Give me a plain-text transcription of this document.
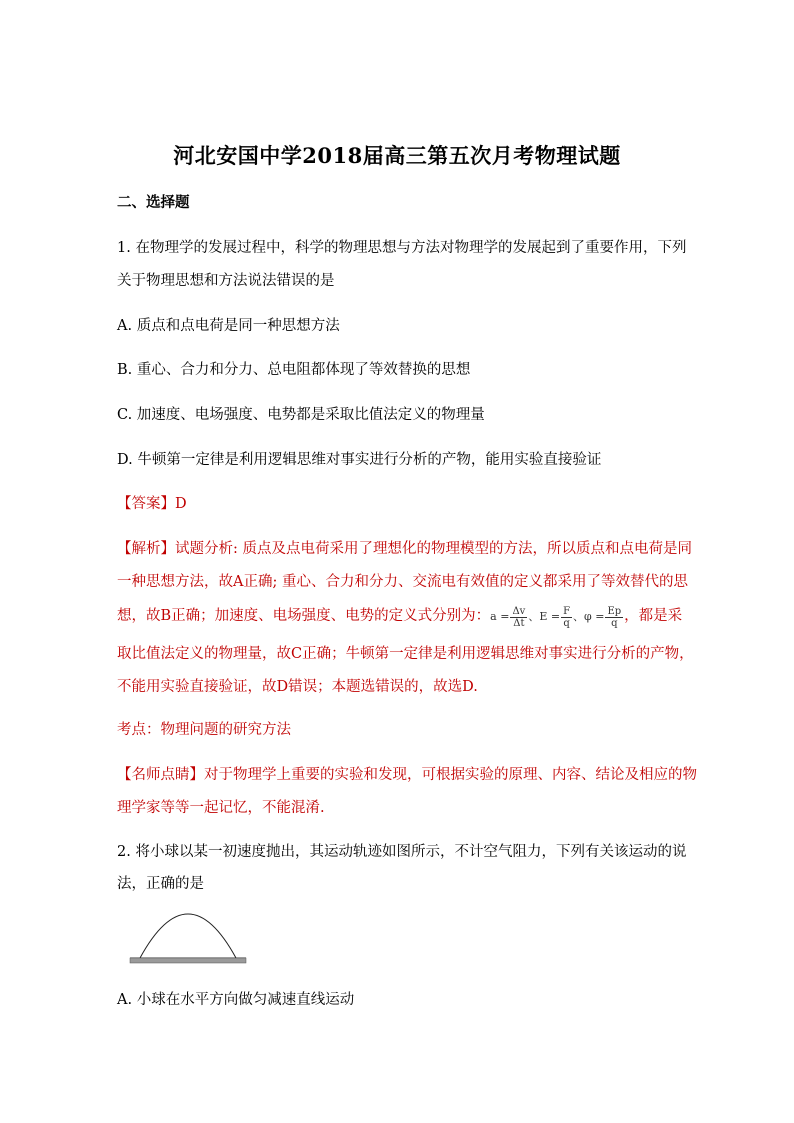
河北安国中学2018届高三第五次月考物理试题
二、选择题
1. 在物理学的发展过程中，科学的物理思想与方法对物理学的发展起到了重要作用，下列
关于物理思想和方法说法错误的是
A. 质点和点电荷是同一种思想方法
B. 重心、合力和分力、总电阻都体现了等效替换的思想
C. 加速度、电场强度、电势都是采取比值法定义的物理量
D. 牛顿第一定律是利用逻辑思维对事实进行分析的产物，能用实验直接验证
【答案】D
【解析】试题分析: 质点及点电荷采用了理想化的物理模型的方法，所以质点和点电荷是同
一种思想方法，故A正确; 重心、合力和分力、交流电有效值的定义都采用了等效替代的思
想，故B正确；加速度、电场强度、电势的定义式分别为：$a = \frac{\Delta v}{\Delta t}$ 、$E = \frac{F}{q}$ 、$\varphi = \frac{Ep}{q}$ ，都是采
取比值法定义的物理量，故C正确；牛顿第一定律是利用逻辑思维对事实进行分析的产物，
不能用实验直接验证，故D错误；本题选错误的，故选D.
考点：物理问题的研究方法
【名师点睛】对于物理学上重要的实验和发现，可根据实验的原理、内容、结论及相应的物
理学家等等一起记忆，不能混淆.
2. 将小球以某一初速度抛出，其运动轨迹如图所示，不计空气阻力，下列有关该运动的说
法，正确的是
A. 小球在水平方向做匀减速直线运动
